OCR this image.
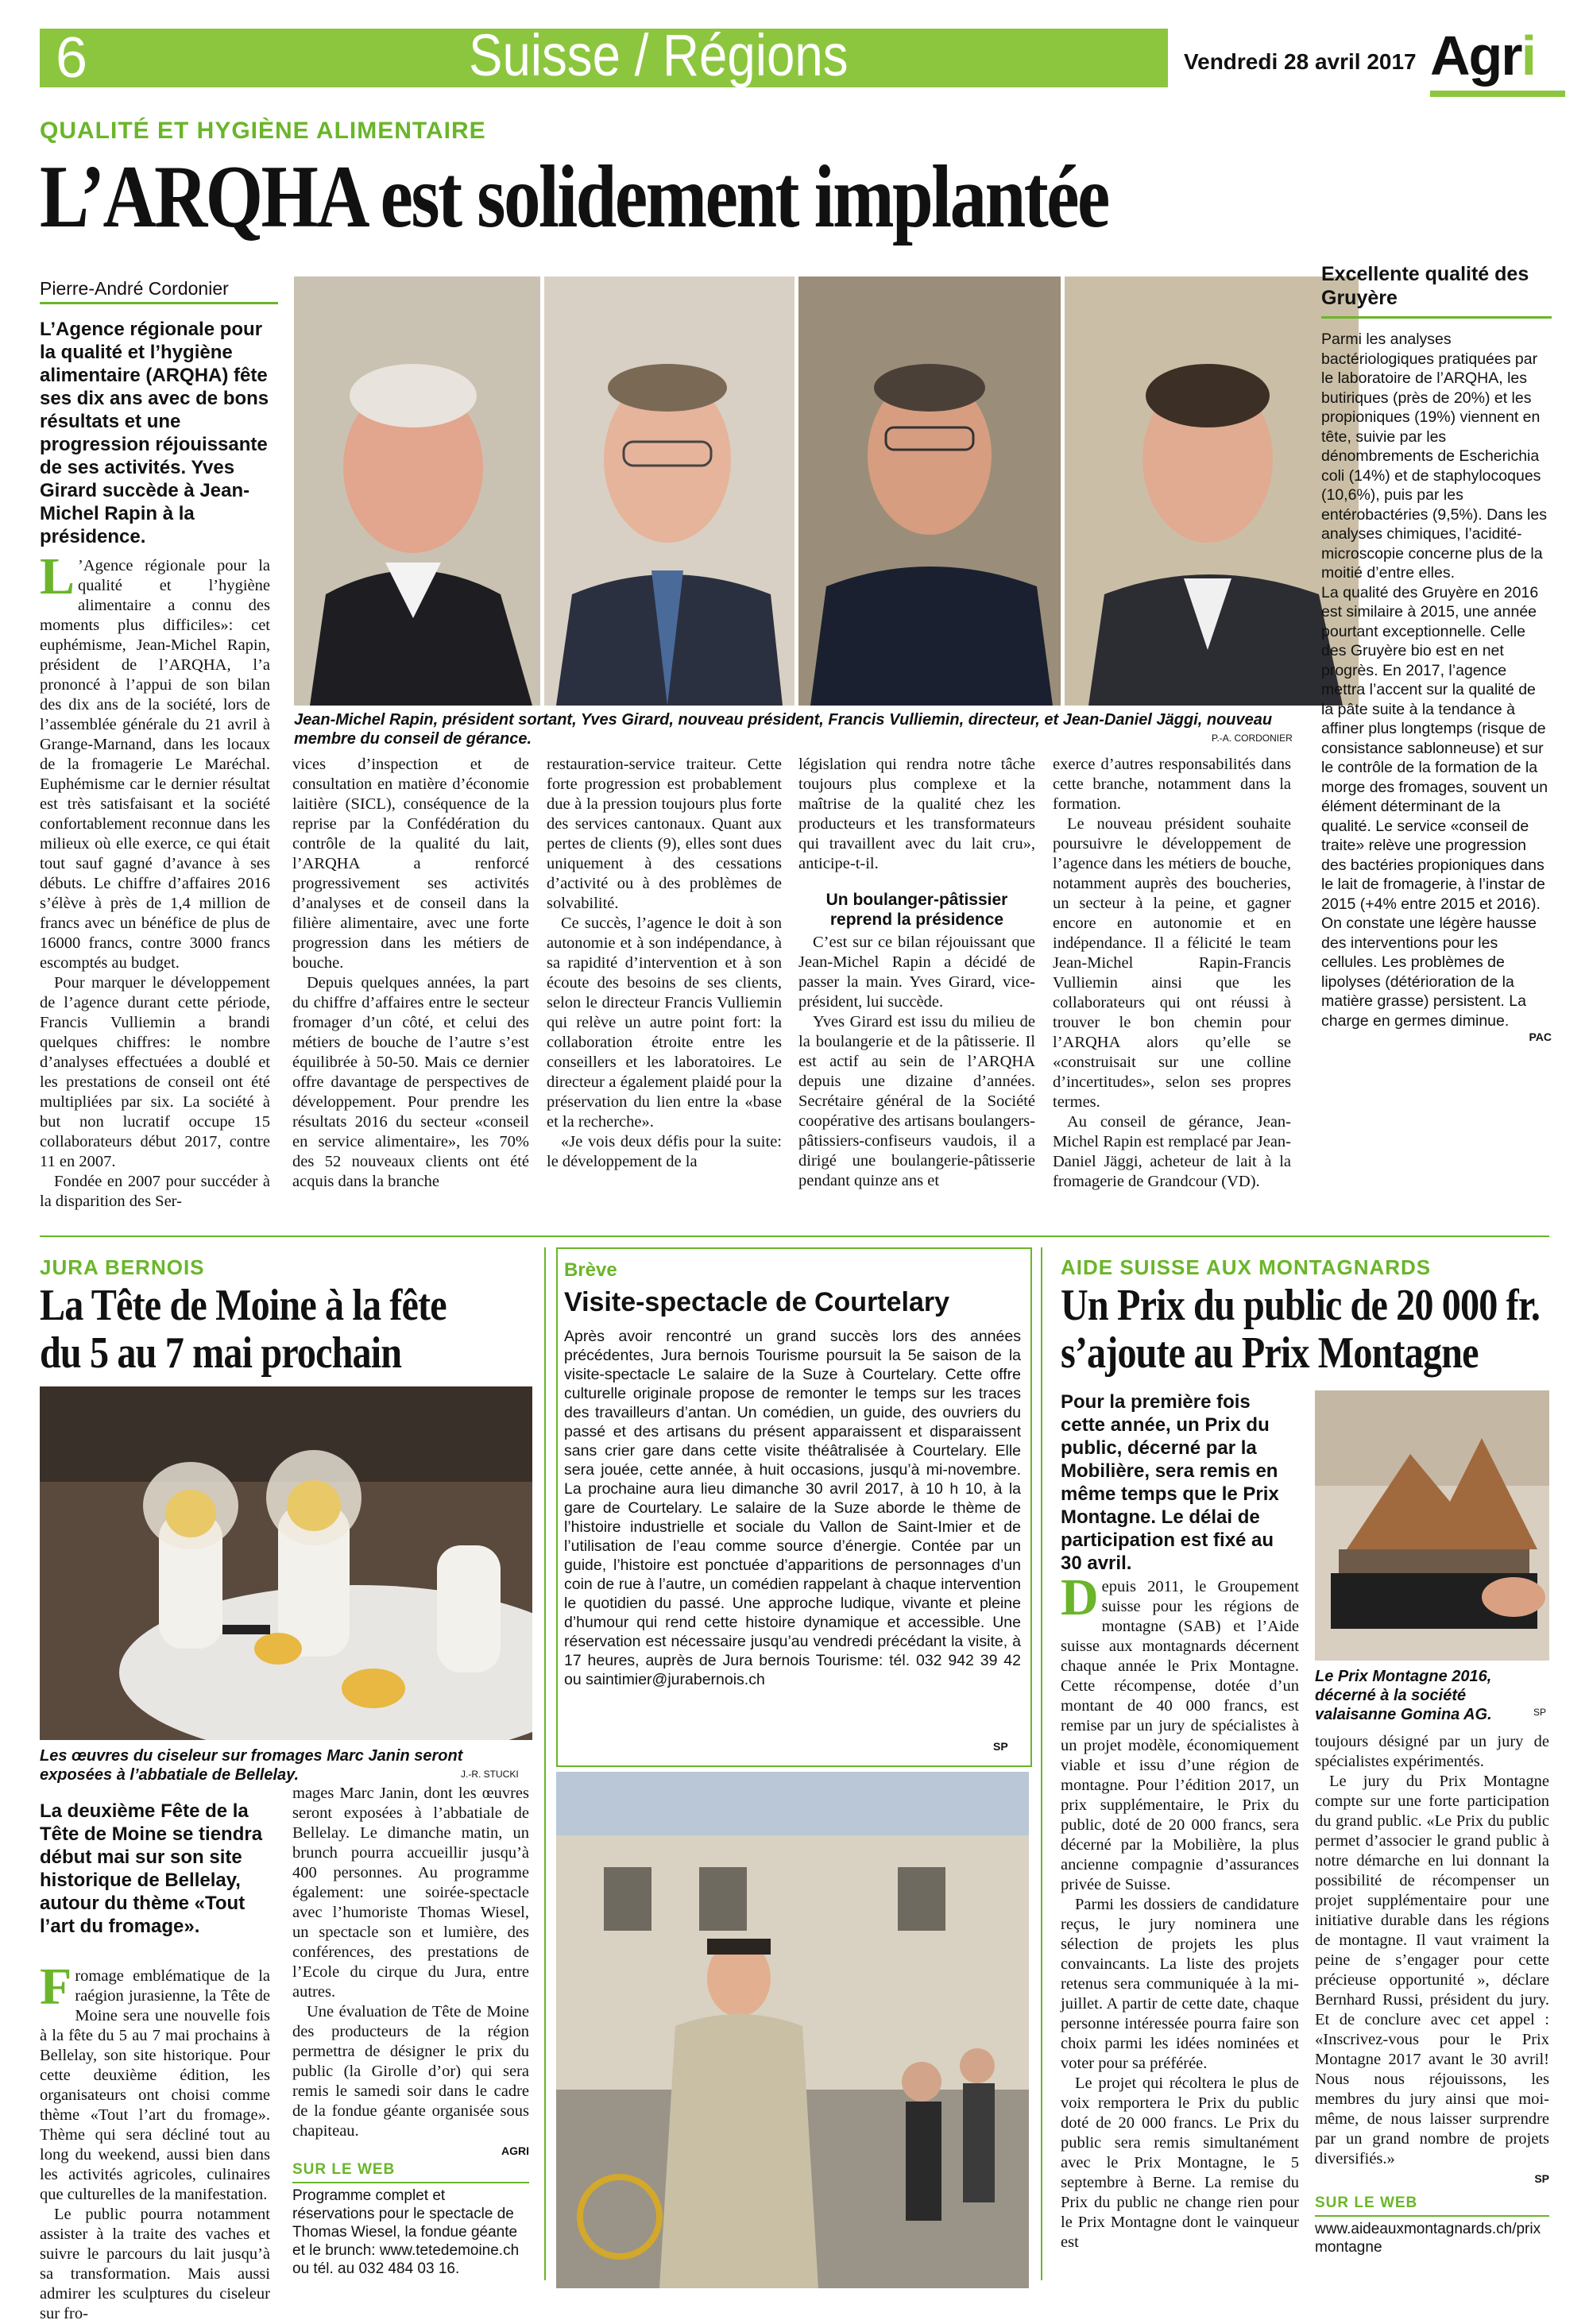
6	Suisse / Régions	Vendredi 28 avril 2017 Agri
QUALITÉ ET HYGIÈNE ALIMENTAIRE
L’ARQHA est solidement implantée
Pierre-André Cordonier
L’Agence régionale pour la qualité et l’hygiène alimentaire (ARQHA) fête ses dix ans avec de bons résultats et une progression réjouissante de ses activités. Yves Girard succède à Jean-Michel Rapin à la présidence.
Jean-Michel Rapin, président sortant, Yves Girard, nouveau président, Francis Vulliemin, directeur, et Jean-Daniel Jäggi, nouveau membre du conseil de gérance.	P.-A. CORDONIER

L ’Agence régionale pour la qualité et l’hygiène alimentaire a connu des moments plus difficiles»: cet euphémisme, Jean-Michel Rapin, président de l’ARQHA, l’a prononcé à l’appui de son bilan des dix ans de la société, lors de l’assemblée générale du 21 avril à Grange-Marnand, dans les locaux de la fromagerie Le Maréchal. Euphémisme car le dernier résultat est très satisfaisant et la société confortablement reconnue dans les milieux où elle exerce, ce qui était tout sauf gagné d’avance à ses débuts. Le chiffre d’affaires 2016 s’élève à près de 1,4 million de francs avec un bénéfice de plus de 16000 francs, contre 3000 francs escomptés au budget.

Pour marquer le développement de l’agence durant cette période, Francis Vulliemin a brandi quelques chiffres: le nombre d’analyses effectuées a doublé et les prestations de conseil ont été multipliées par six. La société à but non lucratif occupe 15 collaborateurs début 2017, contre 11 en 2007.

Fondée en 2007 pour succéder à la disparition des Ser-

vices d’inspection et de consultation en matière d’économie laitière (SICL), conséquence de la reprise par la Confédération du contrôle de la qualité du lait, l’ARQHA a renforcé progressivement ses activités d’analyses et de conseil dans la filière alimentaire, avec une forte progression dans les métiers de bouche.

Depuis quelques années, la part du chiffre d’affaires entre le secteur fromager d’un côté, et celui des métiers de bouche de l’autre s’est équilibrée à 50-50. Mais ce dernier offre davantage de perspectives de développement. Pour prendre les résultats 2016 du secteur «conseil en service alimentaire», les 70% des 52 nouveaux clients ont été acquis dans la branche

restauration-service traiteur. Cette forte progression est probablement due à la pression toujours plus forte des services cantonaux. Quant aux pertes de clients (9), elles sont dues uniquement à des cessations d’activité ou à des problèmes de solvabilité.

Ce succès, l’agence le doit à son autonomie et à son indépendance, à sa rapidité d’intervention et à son écoute des besoins de ses clients, selon le directeur Francis Vulliemin qui relève un autre point fort: la collaboration étroite entre les conseillers et les laboratoires. Le directeur a également plaidé pour la préservation du lien entre la «base et la recherche».

«Je vois deux défis pour la suite: le développement de la

législation qui rendra notre tâche toujours plus complexe et la maîtrise de la qualité chez les producteurs et les transformateurs qui travaillent avec du lait cru», anticipe-t-il.

Un boulanger-pâtissier reprend la présidence

C’est sur ce bilan réjouissant que Jean-Michel Rapin a décidé de passer la main. Yves Girard, vice-président, lui succède.

Yves Girard est issu du milieu de la boulangerie et de la pâtisserie. Il est actif au sein de l’ARQHA depuis une dizaine d’années. Secrétaire général de la Société coopérative des artisans boulangers-pâtissiers-confiseurs vaudois, il a dirigé une boulangerie-pâtisserie pendant quinze ans et

exerce d’autres responsabilités dans cette branche, notamment dans la formation.

Le nouveau président souhaite poursuivre le développement de l’agence dans les métiers de bouche, notamment auprès des boucheries, un secteur à la peine, et gagner encore en autonomie et en indépendance. Il a félicité le team Jean-Michel Rapin-Francis Vulliemin ainsi que les collaborateurs qui ont réussi à trouver le bon chemin pour l’ARQHA alors qu’elle se «construisait sur une colline d’incertitudes», selon ses propres termes.

Au conseil de gérance, Jean-Michel Rapin est remplacé par Jean-Daniel Jäggi, acheteur de lait à la fromagerie de Grandcour (VD).

Excellente qualité des Gruyère
Parmi les analyses bactériologiques pratiquées par le laboratoire de l’ARQHA, les butiriques (près de 20%) et les propioniques (19%) viennent en tête, suivie par les dénombrements de Escherichia coli (14%) et de staphylocoques (10,6%), puis par les entérobactéries (9,5%). Dans les analyses chimiques, l’acidité-microscopie concerne plus de la moitié d’entre elles.
La qualité des Gruyère en 2016 est similaire à 2015, une année pourtant exceptionnelle. Celle des Gruyère bio est en net progrès. En 2017, l’agence mettra l’accent sur la qualité de la pâte suite à la tendance à affiner plus longtemps (risque de consistance sablonneuse) et sur le contrôle de la formation de la morge des fromages, souvent un élément déterminant de la qualité. Le service «conseil de traite» relève une progression des bactéries propioniques dans le lait de fromagerie, à l’instar de 2015 (+4% entre 2015 et 2016). On constate une légère hausse des interventions pour les cellules. Les problèmes de lipolyses (détérioration de la matière grasse) persistent. La charge en germes diminue.
PAC
JURA BERNOIS
La Tête de Moine à la fête
du 5 au 7 mai prochain
Les œuvres du ciseleur sur fromages Marc Janin seront exposées à l’abbatiale de Bellelay.	J.-R. STUCKI
La deuxième Fête de la Tête de Moine se tiendra début mai sur son site historique de Bellelay, autour du thème «Tout l’art du fromage».

Fromage emblématique de la raégion jurasienne, la Tête de Moine sera une nouvelle fois à la fête du 5 au 7 mai prochains à Bellelay, son site historique. Pour cette deuxième édition, les organisateurs ont choisi comme thème «Tout l’art du fromage». Thème qui sera décliné tout au long du weekend, aussi bien dans les activités agricoles, culinaires que culturelles de la manifestation.

Le public pourra notamment assister à la traite des vaches et suivre le parcours du lait jusqu’à sa transformation. Mais aussi admirer les sculptures du ciseleur sur fro-

mages Marc Janin, dont les œuvres seront exposées à l’abbatiale de Bellelay. Le dimanche matin, un brunch pourra accueillir jusqu’à 400 personnes. Au programme également: une soirée-spectacle avec l’humoriste Thomas Wiesel, un spectacle son et lumière, des conférences, des prestations de l’Ecole du cirque du Jura, entre autres.

Une évaluation de Tête de Moine des producteurs de la région permettra de désigner le prix du public (la Girolle d’or) qui sera remis le samedi soir dans le cadre de la fondue géante organisée sous chapiteau.

AGRI
SUR LE WEB
Programme complet et réservations pour le spectacle de Thomas Wiesel, la fondue géante et le brunch: www.tetedemoine.ch ou tél. au 032 484 03 16.
Brève
Visite-spectacle de Courtelary
Après avoir rencontré un grand succès lors des années précédentes, Jura bernois Tourisme poursuit la 5e saison de la visite-spectacle Le salaire de la Suze à Courtelary. Cette offre culturelle originale propose de remonter le temps sur les traces des travailleurs d’antan. Un comédien, un guide, des ouvriers du passé et des artisans du présent apparaissent et disparaissent sans crier gare dans cette visite théâtralisée à Courtelary. Elle sera jouée, cette année, à huit occasions, jusqu’à mi-novembre. La prochaine aura lieu dimanche 30 avril 2017, à 10 h 10, à la gare de Courtelary. Le salaire de la Suze aborde le thème de l’histoire industrielle et sociale du Vallon de Saint-Imier et de l’utilisation de l’eau comme source d’énergie. Contée par un guide, l’histoire est ponctuée d’apparitions de personnages d’un coin de rue à l’autre, un comédien rappelant à chaque intervention le quotidien du passé. Une approche ludique, vivante et pleine d’humour qui rend cette histoire dynamique et accessible. Une réservation est nécessaire jusqu’au vendredi précédant la visite, à 17 heures, auprès de Jura bernois Tourisme: tél. 032 942 39 42 ou saintimier@jurabernois.ch
SP
AIDE SUISSE AUX MONTAGNARDS
Un Prix du public de 20 000 fr.
s’ajoute au Prix Montagne
Pour la première fois cette année, un Prix du public, décerné par la Mobilière, sera remis en même temps que le Prix Montagne. Le délai de participation est fixé au 30 avril.
Le Prix Montagne 2016, décerné à la société valaisanne Gomina AG.	SP

Depuis 2011, le Groupement suisse pour les régions de montagne (SAB) et l’Aide suisse aux montagnards décernent chaque année le Prix Montagne. Cette récompense, dotée d’un montant de 40 000 francs, est remise par un jury de spécialistes à un projet modèle, économiquement viable et issu d’une région de montagne. Pour l’édition 2017, un prix supplémentaire, le Prix du public, doté de 20 000 francs, sera décerné par la Mobilière, la plus ancienne compagnie d’assurances privée de Suisse.

Parmi les dossiers de candidature reçus, le jury nominera une sélection de projets les plus convaincants. La liste des projets retenus sera communiquée à la mi-juillet. A partir de cette date, chaque personne intéressée pourra faire son choix parmi les idées nominées et voter pour sa préférée.

Le projet qui récoltera le plus de voix remportera le Prix du public doté de 20 000 francs. Le Prix du public sera remis simultanément avec le Prix Montagne, le 5 septembre à Berne. La remise du Prix du public ne change rien pour le Prix Montagne dont le vainqueur est

toujours désigné par un jury de spécialistes expérimentés.

Le jury du Prix Montagne compte sur une forte participation du grand public. «Le Prix du public permet d’associer le grand public à notre démarche en lui donnant la possibilité de récompenser un projet supplémentaire pour une initiative durable dans les régions de montagne. Il vaut vraiment la peine de s’engager pour cette précieuse opportunité », déclare Bernhard Russi, président du jury. Et de conclure avec cet appel : «Inscrivez-vous pour le Prix Montagne 2017 avant le 30 avril! Nous nous réjouissons, les membres du jury ainsi que moi-même, de nous laisser surprendre par un grand nombre de projets diversifiés.»

SP
SUR LE WEB
www.aideauxmontagnards.ch/prixmontagne
